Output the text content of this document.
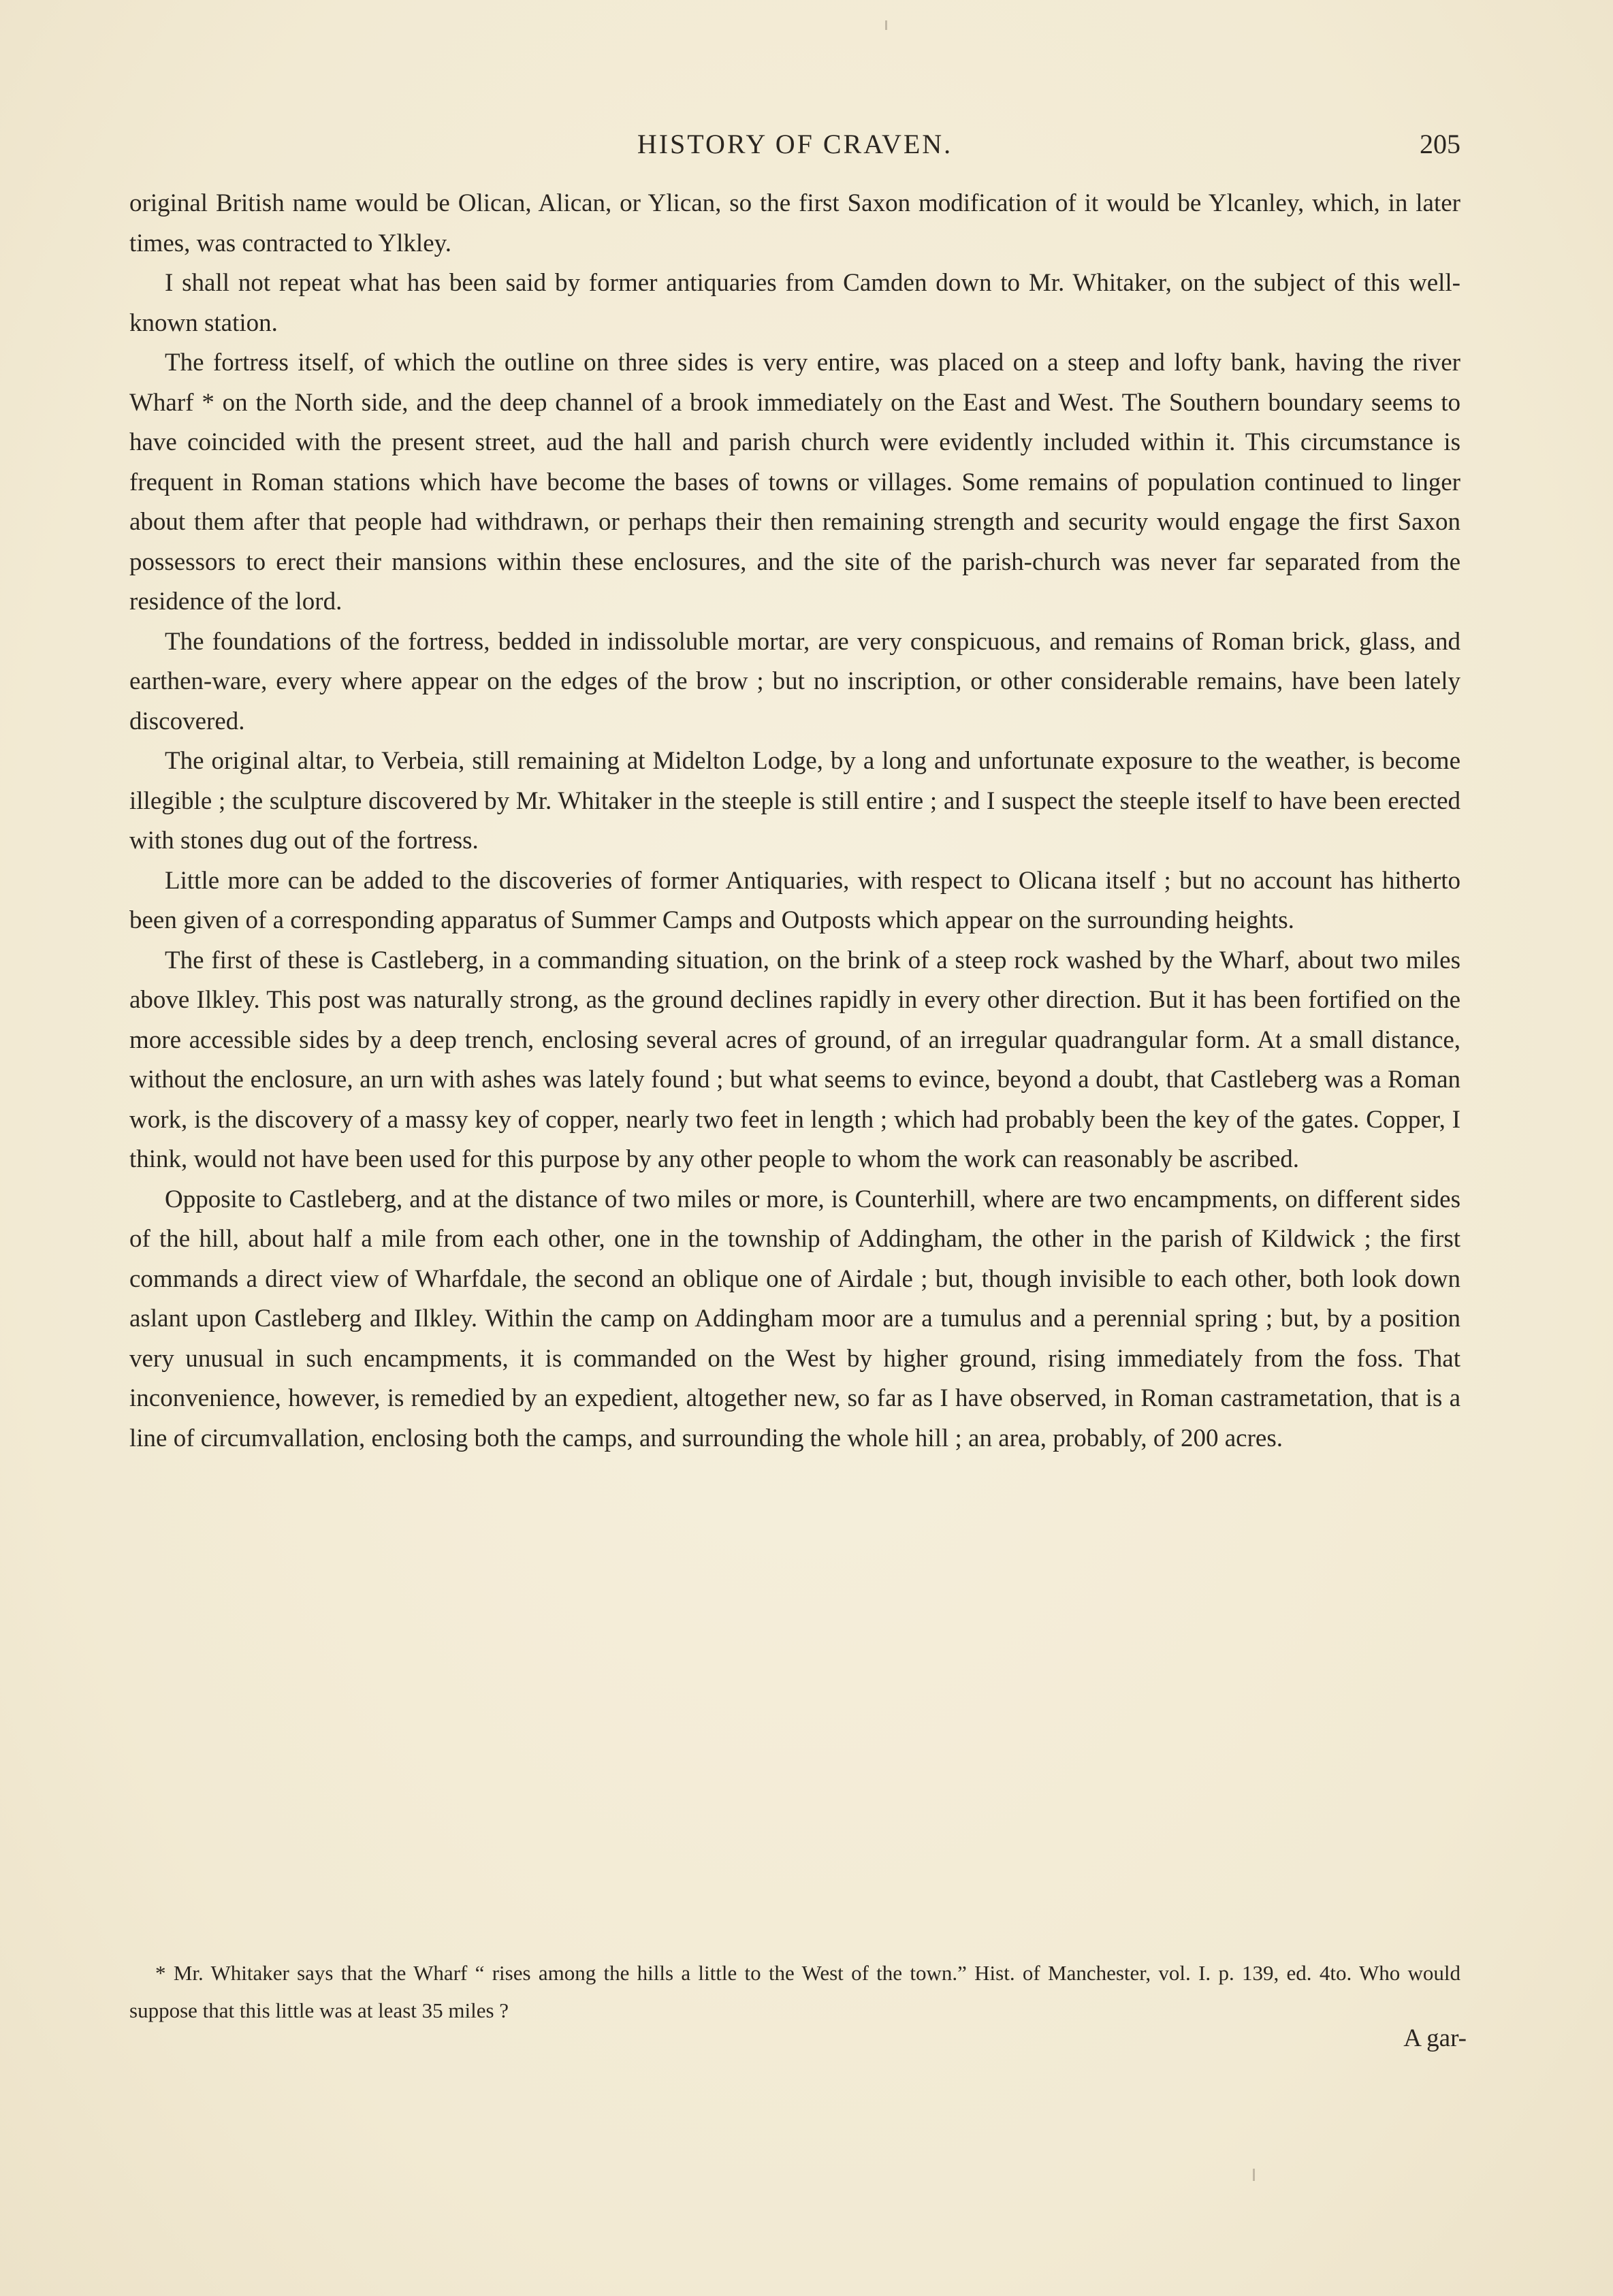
HISTORY OF CRAVEN.	205

original British name would be Olican, Alican, or Ylican, so the first Saxon modification of it would be Ylcanley, which, in later times, was contracted to Ylkley.

I shall not repeat what has been said by former antiquaries from Camden down to Mr. Whitaker, on the subject of this well-known station.

The fortress itself, of which the outline on three sides is very entire, was placed on a steep and lofty bank, having the river Wharf * on the North side, and the deep channel of a brook immediately on the East and West. The Southern boundary seems to have coincided with the present street, aud the hall and parish church were evidently included within it. This circumstance is frequent in Roman stations which have become the bases of towns or villages. Some remains of population continued to linger about them after that people had withdrawn, or perhaps their then remaining strength and security would engage the first Saxon possessors to erect their mansions within these enclosures, and the site of the parish-church was never far separated from the residence of the lord.

The foundations of the fortress, bedded in indissoluble mortar, are very conspicuous, and remains of Roman brick, glass, and earthen-ware, every where appear on the edges of the brow ; but no inscription, or other considerable remains, have been lately discovered.

The original altar, to Verbeia, still remaining at Midelton Lodge, by a long and unfortunate exposure to the weather, is become illegible ; the sculpture discovered by Mr. Whitaker in the steeple is still entire ; and I suspect the steeple itself to have been erected with stones dug out of the fortress.

Little more can be added to the discoveries of former Antiquaries, with respect to Olicana itself ; but no account has hitherto been given of a corresponding apparatus of Summer Camps and Outposts which appear on the surrounding heights.

The first of these is Castleberg, in a commanding situation, on the brink of a steep rock washed by the Wharf, about two miles above Ilkley. This post was naturally strong, as the ground declines rapidly in every other direction. But it has been fortified on the more accessible sides by a deep trench, enclosing several acres of ground, of an irregular quadrangular form. At a small distance, without the enclosure, an urn with ashes was lately found ; but what seems to evince, beyond a doubt, that Castleberg was a Roman work, is the discovery of a massy key of copper, nearly two feet in length ; which had probably been the key of the gates. Copper, I think, would not have been used for this purpose by any other people to whom the work can reasonably be ascribed.

Opposite to Castleberg, and at the distance of two miles or more, is Counterhill, where are two encampments, on different sides of the hill, about half a mile from each other, one in the township of Addingham, the other in the parish of Kildwick ; the first commands a direct view of Wharfdale, the second an oblique one of Airdale ; but, though invisible to each other, both look down aslant upon Castleberg and Ilkley. Within the camp on Addingham moor are a tumulus and a perennial spring ; but, by a position very unusual in such encampments, it is commanded on the West by higher ground, rising immediately from the foss. That inconvenience, however, is remedied by an expedient, altogether new, so far as I have observed, in Roman castrametation, that is a line of circumvallation, enclosing both the camps, and surrounding the whole hill ; an area, probably, of 200 acres.

* Mr. Whitaker says that the Wharf “ rises among the hills a little to the West of the town.” Hist. of Manchester, vol. I. p. 139, ed. 4to. Who would suppose that this little was at least 35 miles ?

A gar-
